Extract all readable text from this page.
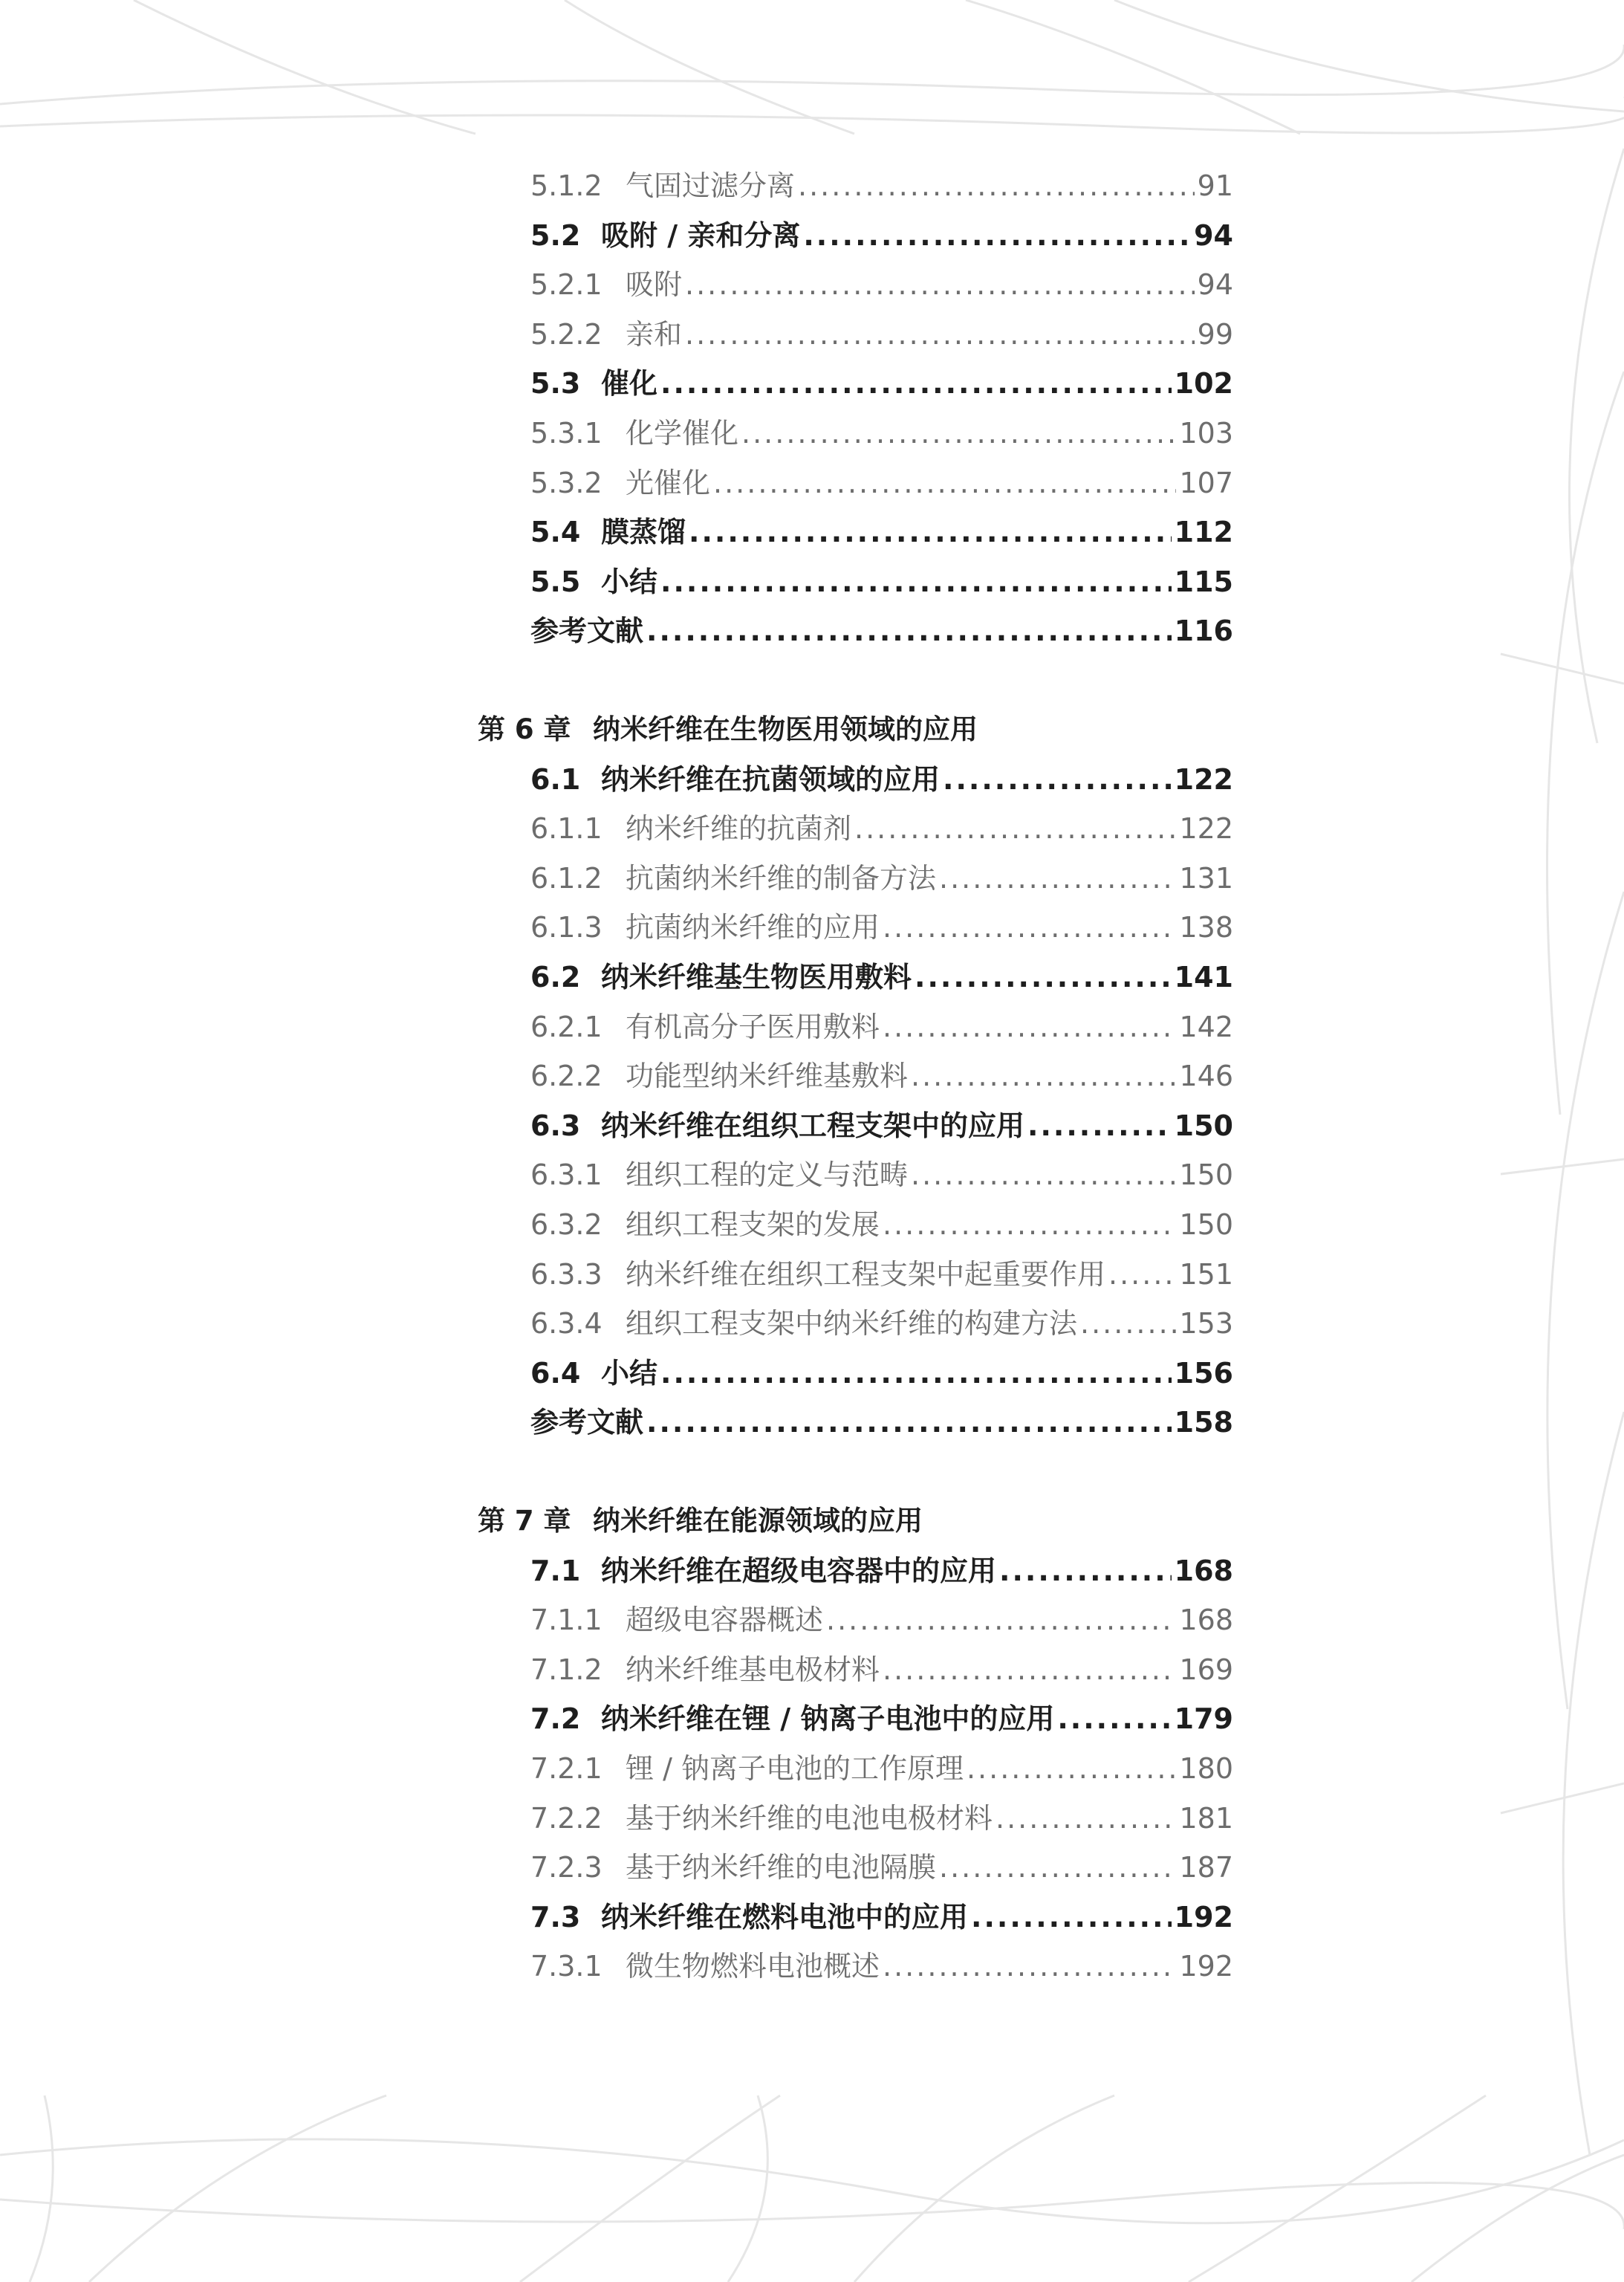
5.1.2 气固过滤分离 .....	91
5.2 吸附 / 亲和分离 .....	94
5.2.1 吸附 .....	94
5.2.2 亲和 .....	99
5.3 催化 .....	102
5.3.1 化学催化 .....	103
5.3.2 光催化 .....	107
5.4 膜蒸馏 .....	112
5.5 小结 .....	115
参考文献 .....	116
第 6 章 纳米纤维在生物医用领域的应用
6.1 纳米纤维在抗菌领域的应用 .....	122
6.1.1 纳米纤维的抗菌剂 .....	122
6.1.2 抗菌纳米纤维的制备方法 .....	131
6.1.3 抗菌纳米纤维的应用 .....	138
6.2 纳米纤维基生物医用敷料 .....	141
6.2.1 有机高分子医用敷料 .....	142
6.2.2 功能型纳米纤维基敷料 .....	146
6.3 纳米纤维在组织工程支架中的应用 .....	150
6.3.1 组织工程的定义与范畴 .....	150
6.3.2 组织工程支架的发展 .....	150
6.3.3 纳米纤维在组织工程支架中起重要作用 .....	151
6.3.4 组织工程支架中纳米纤维的构建方法 .....	153
6.4 小结 .....	156
参考文献 .....	158
第 7 章 纳米纤维在能源领域的应用
7.1 纳米纤维在超级电容器中的应用 .....	168
7.1.1 超级电容器概述 .....	168
7.1.2 纳米纤维基电极材料 .....	169
7.2 纳米纤维在锂 / 钠离子电池中的应用 .....	179
7.2.1 锂 / 钠离子电池的工作原理 .....	180
7.2.2 基于纳米纤维的电池电极材料 .....	181
7.2.3 基于纳米纤维的电池隔膜 .....	187
7.3 纳米纤维在燃料电池中的应用 .....	192
7.3.1 微生物燃料电池概述 .....	192
